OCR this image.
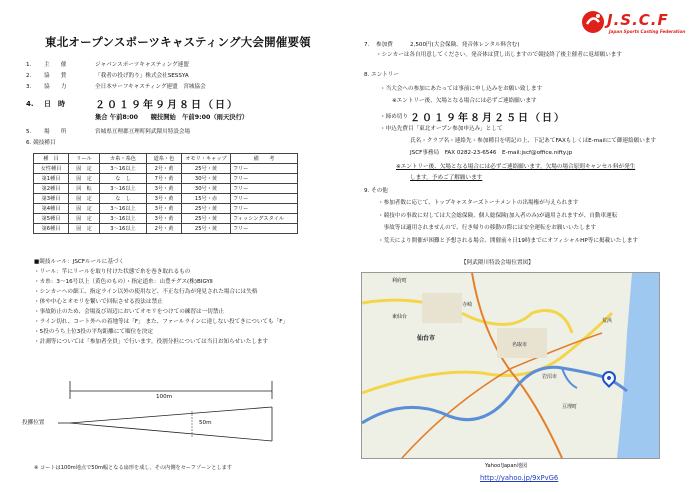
東北オープンスポーツキャスティング大会開催要領
J.S.C.F
Japan Sports Casting Federation
1. 主　　催	ジャパンスポーツキャスティング連盟
2. 協　　賛	「我者の投げ釣り」株式会社SESSYA
3. 協　　力	全日本サーフキャスティング連盟　宮城協会
4. 日　時	２０１９年９月８日（日）
集合 午前8:00　　競技開始　午前9:00（雨天決行）
5. 場　　所	宮城県亘理郡亘理町阿武隈川特設会場
6. 競技種目
種　目	リール	カ糸・糸色	道糸・色	オモリ・キャップ	備　　考
女性種目	固　定	3～16以上	2号・黄	25号・黄	フリー
第1種目	固　定	な　し	7号・黄	30号・黄	フリー
第2種目	回　転	3～16以上	3号・黄	30号・黄	フリー
第3種目	固　定	な　し	3号・黄	15号・赤	フリー
第4種目	固　定	3～16以上	3号・黄	25号・黄	フリー
第5種目	固　定	3～16以上	3号・黄	25号・黄	フィッシングスタイル
第6種目	固　定	3～16以上	2号・黄	25号・黄	フリー
■競技ルール：JSCFルールに基づく
・リール：竿にリールを取り付けた状態で糸を巻き取れるもの
・カ糸：3～16号以上（黄色のもの）・指定道糸：山豊テグス(株)BIGYⅡ
・シンカーへの細工、指定ライン以外の使用など、不正な行為が発見された場合には失格
・体や中心とオモリを繋いで回転させる投法は禁止
・事故防止のため、会場及び周辺においてオモリをつけての練習は一切禁止
・ライン切れ、コート外への着地等は「F」 また、ファールラインに達しない投てきについても「F」
・5投のうち上位3投の平均距離にて順位を決定
・計測等については「参加者全員」で行います。役割分担については当日お知らせいたします
100m
50m
投擲位置
※ コートは100m地点で50m幅となる扇形を成し、その内側をセーフゾーンとします
7. 参加費	2,500円(大会保険、発音体レンタル料含む)
・シンカーは各自用意してください。発音体は貸し出しますので競技終了後主催者に返却願います
8. エントリー
・当大会への参加にあたっては事前に申し込みをお願い致します
※エントリー後、欠場となる場合には必ずご連絡願います
・締め切り ２０１９年８月２５日（日）
・申込先費目「東北オープン参加申込み」として
氏名・クラブ名・連絡先・参加種目を明記の上、下記あてFAXもしくはE-mailにて御連絡願います
JSCF事務局　FAX 0282-23-6546　E-mail:jscf@office.nifty.jp
※エントリー後、欠場となる場合には必ずご連絡願います。欠場の場合原則キャンセル料が発生
します。予めご了解願います
9. その他
・参加者数に応じて、トップキャスターズトーナメントの出場権が与えられます
・競技中の事故に対しては大会総保険、個人総保険(加入者のみ)が適用されますが、自動車運転
　事故等は適用されませんので、行き帰りの移動の際には安全運転をお願いいたします
・荒天により開催が困難と予想される場合、開催前々日19時までにオフィシャルHP等に掲載いたします
【阿武隈川特設会場位置図】
利府町
寺崎
東仙台
仙台市
名取市
岩沼市
亘理町
荒浜
Yahoo!Japan地図
http://yahoo.jp/9xPvG6
